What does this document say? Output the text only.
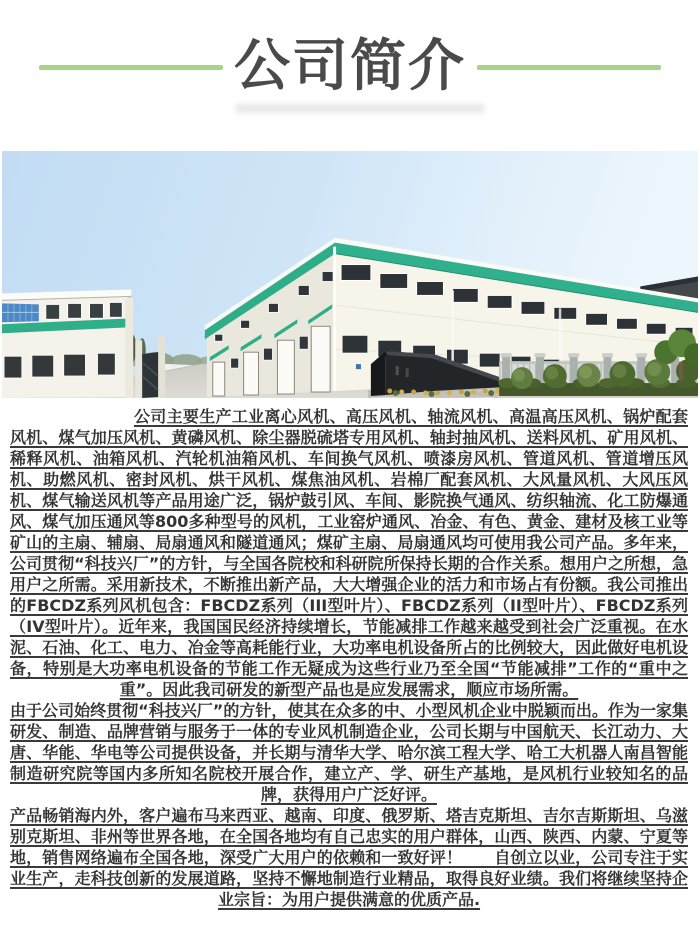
公司简介

公司主要生产工业离心风机、高压风机、轴流风机、高温高压风机、锅炉配套风机、煤气加压风机、黄磷风机、除尘器脱硫塔专用风机、轴封抽风机、送料风机、矿用风机、稀释风机、油箱风机、汽轮机油箱风机、车间换气风机、喷漆房风机、管道风机、管道增压风机、助燃风机、密封风机、烘干风机、煤焦油风机、岩棉厂配套风机、大风量风机、大风压风机、煤气输送风机等产品用途广泛，锅炉鼓引风、车间、影院换气通风、纺织轴流、化工防爆通风、煤气加压通风等800多种型号的风机，工业窑炉通风、冶金、有色、黄金、建材及核工业等矿山的主扇、辅扇、局扇通风和隧道通风；煤矿主扇、局扇通风均可使用我公司产品。多年来，公司贯彻“科技兴厂”的方针，与全国各院校和科研院所保持长期的合作关系。想用户之所想，急用户之所需。采用新技术，不断推出新产品，大大增强企业的活力和市场占有份额。我公司推出的FBCDZ系列风机包含：FBCDZ系列（III型叶片）、FBCDZ系列（II型叶片）、FBCDZ系列（IV型叶片）。近年来，我国国民经济持续增长，节能减排工作越来越受到社会广泛重视。在水泥、石油、化工、电力、冶金等高耗能行业，大功率电机设备所占的比例较大，因此做好电机设备，特别是大功率电机设备的节能工作无疑成为这些行业乃至全国“节能减排”工作的“重中之重”。因此我司研发的新型产品也是应发展需求，顺应市场所需。

由于公司始终贯彻“科技兴厂”的方针，使其在众多的中、小型风机企业中脱颖而出。作为一家集研发、制造、品牌营销与服务于一体的专业风机制造企业，公司长期与中国航天、长江动力、大唐、华能、华电等公司提供设备，并长期与清华大学、哈尔滨工程大学、哈工大机器人南昌智能制造研究院等国内多所知名院校开展合作，建立产、学、研生产基地，是风机行业较知名的品牌，获得用户广泛好评。

产品畅销海内外，客户遍布马来西亚、越南、印度、俄罗斯、塔吉克斯坦、吉尔吉斯斯坦、乌滋别克斯坦、非州等世界各地，在全国各地均有自己忠实的用户群体，山西、陕西、内蒙、宁夏等地，销售网络遍布全国各地，深受广大用户的依赖和一致好评！　　自创立以业，公司专注于实业生产，走科技创新的发展道路，坚持不懈地制造行业精品，取得良好业绩。我们将继续坚持企业宗旨：为用户提供满意的优质产品.
